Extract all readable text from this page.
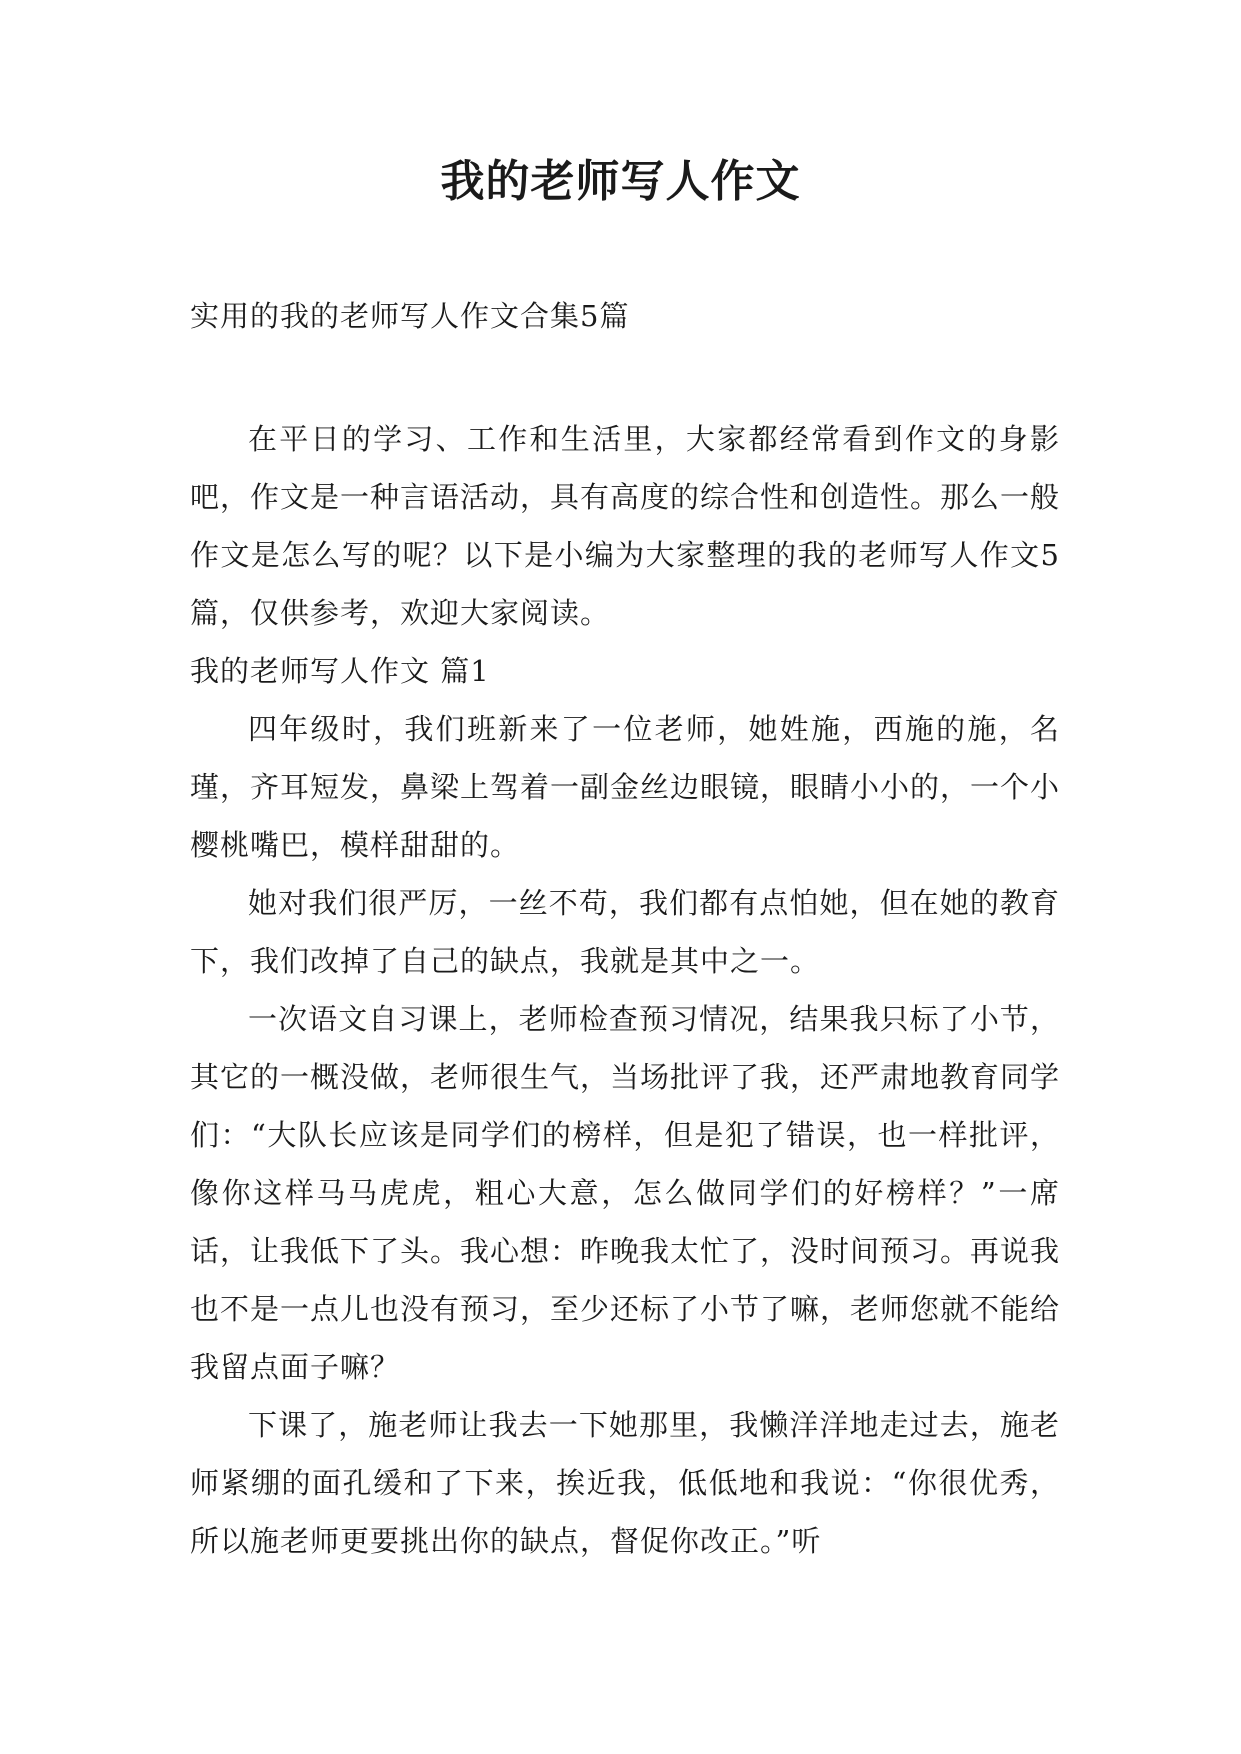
我的老师写人作文

实用的我的老师写人作文合集5篇

在平日的学习、工作和生活里，大家都经常看到作文的身影吧，作文是一种言语活动，具有高度的综合性和创造性。那么一般作文是怎么写的呢？以下是小编为大家整理的我的老师写人作文5篇，仅供参考，欢迎大家阅读。

我的老师写人作文 篇1

四年级时，我们班新来了一位老师，她姓施，西施的施，名瑾，齐耳短发，鼻梁上驾着一副金丝边眼镜，眼睛小小的，一个小樱桃嘴巴，模样甜甜的。

她对我们很严厉，一丝不苟，我们都有点怕她，但在她的教育下，我们改掉了自己的缺点，我就是其中之一。

一次语文自习课上，老师检查预习情况，结果我只标了小节，其它的一概没做，老师很生气，当场批评了我，还严肃地教育同学们：“大队长应该是同学们的榜样，但是犯了错误，也一样批评，像你这样马马虎虎，粗心大意，怎么做同学们的好榜样？”一席话，让我低下了头。我心想：昨晚我太忙了，没时间预习。再说我也不是一点儿也没有预习，至少还标了小节了嘛，老师您就不能给我留点面子嘛？

下课了，施老师让我去一下她那里，我懒洋洋地走过去，施老师紧绷的面孔缓和了下来，挨近我，低低地和我说：“你很优秀，所以施老师更要挑出你的缺点，督促你改正。”听
